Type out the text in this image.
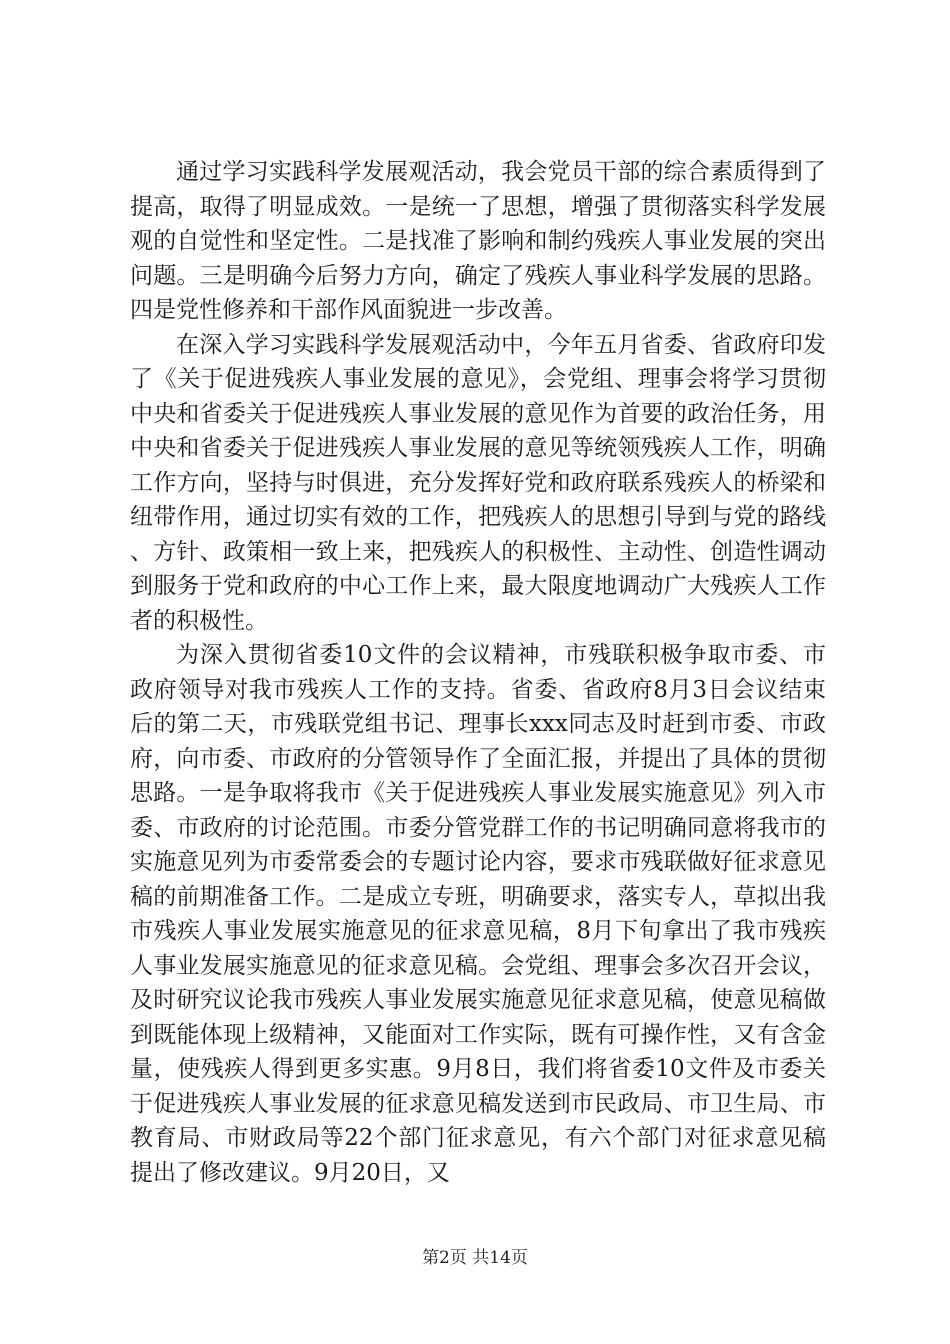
通过学习实践科学发展观活动，我会党员干部的综合素质得到了提高，取得了明显成效。一是统一了思想，增强了贯彻落实科学发展观的自觉性和坚定性。二是找准了影响和制约残疾人事业发展的突出问题。三是明确今后努力方向，确定了残疾人事业科学发展的思路。四是党性修养和干部作风面貌进一步改善。

在深入学习实践科学发展观活动中，今年五月省委、省政府印发了《关于促进残疾人事业发展的意见》，会党组、理事会将学习贯彻中央和省委关于促进残疾人事业发展的意见作为首要的政治任务，用中央和省委关于促进残疾人事业发展的意见等统领残疾人工作，明确工作方向，坚持与时俱进，充分发挥好党和政府联系残疾人的桥梁和纽带作用，通过切实有效的工作，把残疾人的思想引导到与党的路线、方针、政策相一致上来，把残疾人的积极性、主动性、创造性调动到服务于党和政府的中心工作上来，最大限度地调动广大残疾人工作者的积极性。

为深入贯彻省委10文件的会议精神，市残联积极争取市委、市政府领导对我市残疾人工作的支持。省委、省政府8月3日会议结束后的第二天，市残联党组书记、理事长xxx同志及时赶到市委、市政府，向市委、市政府的分管领导作了全面汇报，并提出了具体的贯彻思路。一是争取将我市《关于促进残疾人事业发展实施意见》列入市委、市政府的讨论范围。市委分管党群工作的书记明确同意将我市的实施意见列为市委常委会的专题讨论内容，要求市残联做好征求意见稿的前期准备工作。二是成立专班，明确要求，落实专人，草拟出我市残疾人事业发展实施意见的征求意见稿，8月下旬拿出了我市残疾人事业发展实施意见的征求意见稿。会党组、理事会多次召开会议，及时研究议论我市残疾人事业发展实施意见征求意见稿，使意见稿做到既能体现上级精神，又能面对工作实际，既有可操作性，又有含金量，使残疾人得到更多实惠。9月8日，我们将省委10文件及市委关于促进残疾人事业发展的征求意见稿发送到市民政局、市卫生局、市教育局、市财政局等22个部门征求意见，有六个部门对征求意见稿提出了修改建议。9月20日，又

第2页 共14页
